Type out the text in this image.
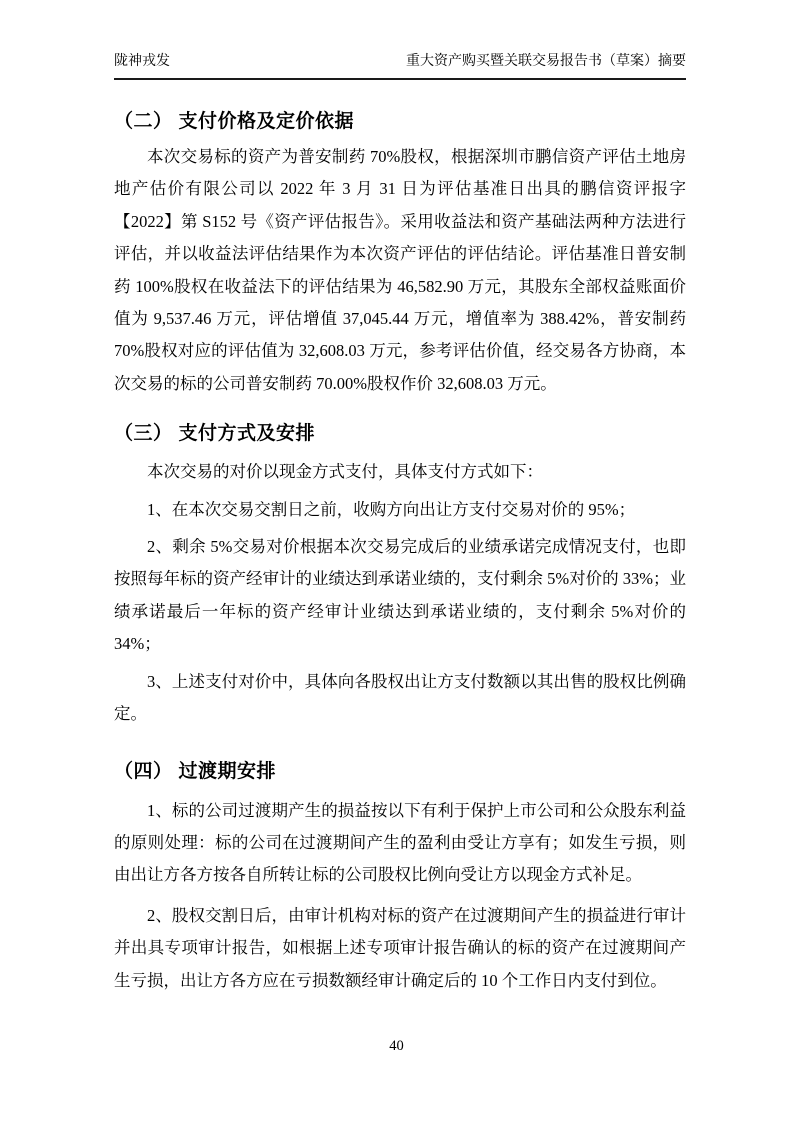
陇神戎发	重大资产购买暨关联交易报告书（草案）摘要
（二） 支付价格及定价依据

本次交易标的资产为普安制药 70%股权，根据深圳市鹏信资产评估土地房地产估价有限公司以 2022 年 3 月 31 日为评估基准日出具的鹏信资评报字【2022】第 S152 号《资产评估报告》。采用收益法和资产基础法两种方法进行评估，并以收益法评估结果作为本次资产评估的评估结论。评估基准日普安制药 100%股权在收益法下的评估结果为 46,582.90 万元，其股东全部权益账面价值为 9,537.46 万元，评估增值 37,045.44 万元，增值率为 388.42%，普安制药 70%股权对应的评估值为 32,608.03 万元，参考评估价值，经交易各方协商，本次交易的标的公司普安制药 70.00%股权作价 32,608.03 万元。

（三） 支付方式及安排

本次交易的对价以现金方式支付，具体支付方式如下：

1、在本次交易交割日之前，收购方向出让方支付交易对价的 95%；

2、剩余 5%交易对价根据本次交易完成后的业绩承诺完成情况支付，也即按照每年标的资产经审计的业绩达到承诺业绩的，支付剩余 5%对价的 33%；业绩承诺最后一年标的资产经审计业绩达到承诺业绩的，支付剩余 5%对价的 34%；

3、上述支付对价中，具体向各股权出让方支付数额以其出售的股权比例确定。

（四） 过渡期安排

1、标的公司过渡期产生的损益按以下有利于保护上市公司和公众股东利益的原则处理：标的公司在过渡期间产生的盈利由受让方享有；如发生亏损，则由出让方各方按各自所转让标的公司股权比例向受让方以现金方式补足。

2、股权交割日后，由审计机构对标的资产在过渡期间产生的损益进行审计并出具专项审计报告，如根据上述专项审计报告确认的标的资产在过渡期间产生亏损，出让方各方应在亏损数额经审计确定后的 10 个工作日内支付到位。

40
